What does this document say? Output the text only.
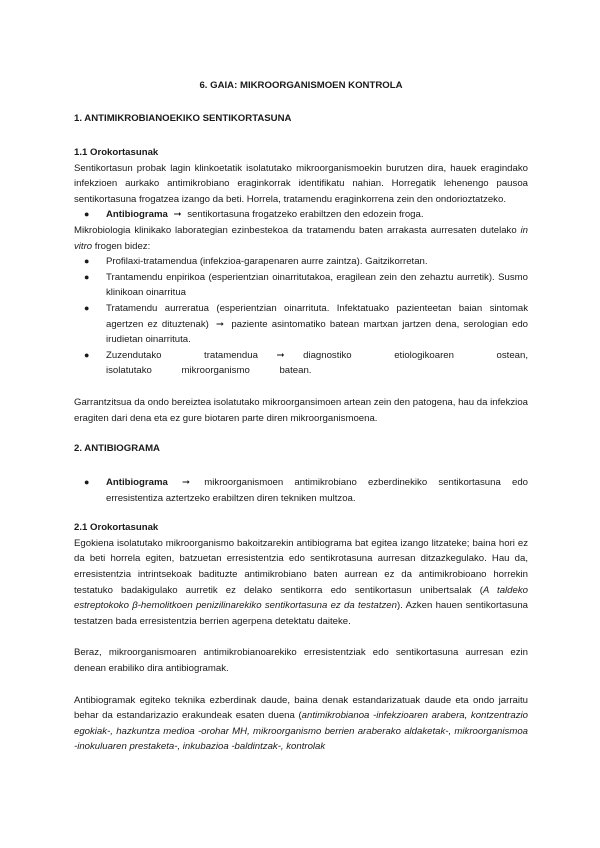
6. GAIA: MIKROORGANISMOEN KONTROLA
1. ANTIMIKROBIANOEKIKO SENTIKORTASUNA
1.1 Orokortasunak

Sentikortasun probak lagin klinkoetatik isolatutako mikroorganismoekin burutzen dira, hauek eragindako infekzioen aurkako antimikrobiano eraginkorrak identifikatu nahian. Horregatik lehenengo pausoa sentikortasuna frogatzea izango da beti. Horrela, tratamendu eraginkorrena zein den ondorioztatzeko.

● Antibiograma ➞ sentikortasuna frogatzeko erabiltzen den edozein froga.

Mikrobiologia klinikako laborategian ezinbestekoa da tratamendu baten arrakasta aurresaten dutelako in vitro frogen bidez:

● Profilaxi-tratamendua (infekzioa-garapenaren aurre zaintza). Gaitzikorretan.
● Trantamendu enpirikoa (esperientzian oinarritutakoa, eragilean zein den zehaztu aurretik). Susmo klinikoan oinarritua
● Tratamendu aurreratua (esperientzian oinarrituta. Infektatuako pazienteetan baian sintomak agertzen ez dituztenak) ➞ paziente asintomatiko batean martxan jartzen dena, serologian edo irudietan oinarrituta.
● Zuzendutako tratamendua ➞ diagnostiko etiologikoaren ostean, isolatutako mikroorganismo batean.

Garrantzitsua da ondo bereiztea isolatutako mikroorgansimoen artean zein den patogena, hau da infekzioa eragiten dari dena eta ez gure biotaren parte diren mikroorganismoena.

2. ANTIBIOGRAMA
● Antibiograma ➞ mikroorganismoen antimikrobiano ezberdinekiko sentikortasuna edo erresistentiza aztertzeko erabiltzen diren tekniken multzoa.
2.1 Orokortasunak

Egokiena isolatutako mikroorganismo bakoitzarekin antibiograma bat egitea izango litzateke; baina hori ez da beti horrela egiten, batzuetan erresistentzia edo sentikrotasuna aurresan ditzazkegulako. Hau da, erresistentzia intrintsekoak badituzte antimikrobiano baten aurrean ez da antimikrobioano horrekin testatuko badakigulako aurretik ez delako sentikorra edo sentikortasun unibertsalak (A taldeko estreptokoko β-hemolitkoen penizilinarekiko sentikortasuna ez da testatzen). Azken hauen sentikortasuna testatzen bada erresistentzia berrien agerpena detektatu daiteke.

Beraz, mikroorganismoaren antimikrobianoarekiko erresistentziak edo sentikortasuna aurresan ezin denean erabiliko dira antibiogramak.

Antibiogramak egiteko teknika ezberdinak daude, baina denak estandarizatuak daude eta ondo jarraitu behar da estandarizazio erakundeak esaten duena (antimikrobianoa -infekzioaren arabera, kontzentrazio egokiak-, hazkuntza medioa -orohar MH, mikroorganismo berrien araberako aldaketak-, mikroorganismoa -inokuluaren prestaketa-, inkubazioa -baldintzak-, kontrolak
